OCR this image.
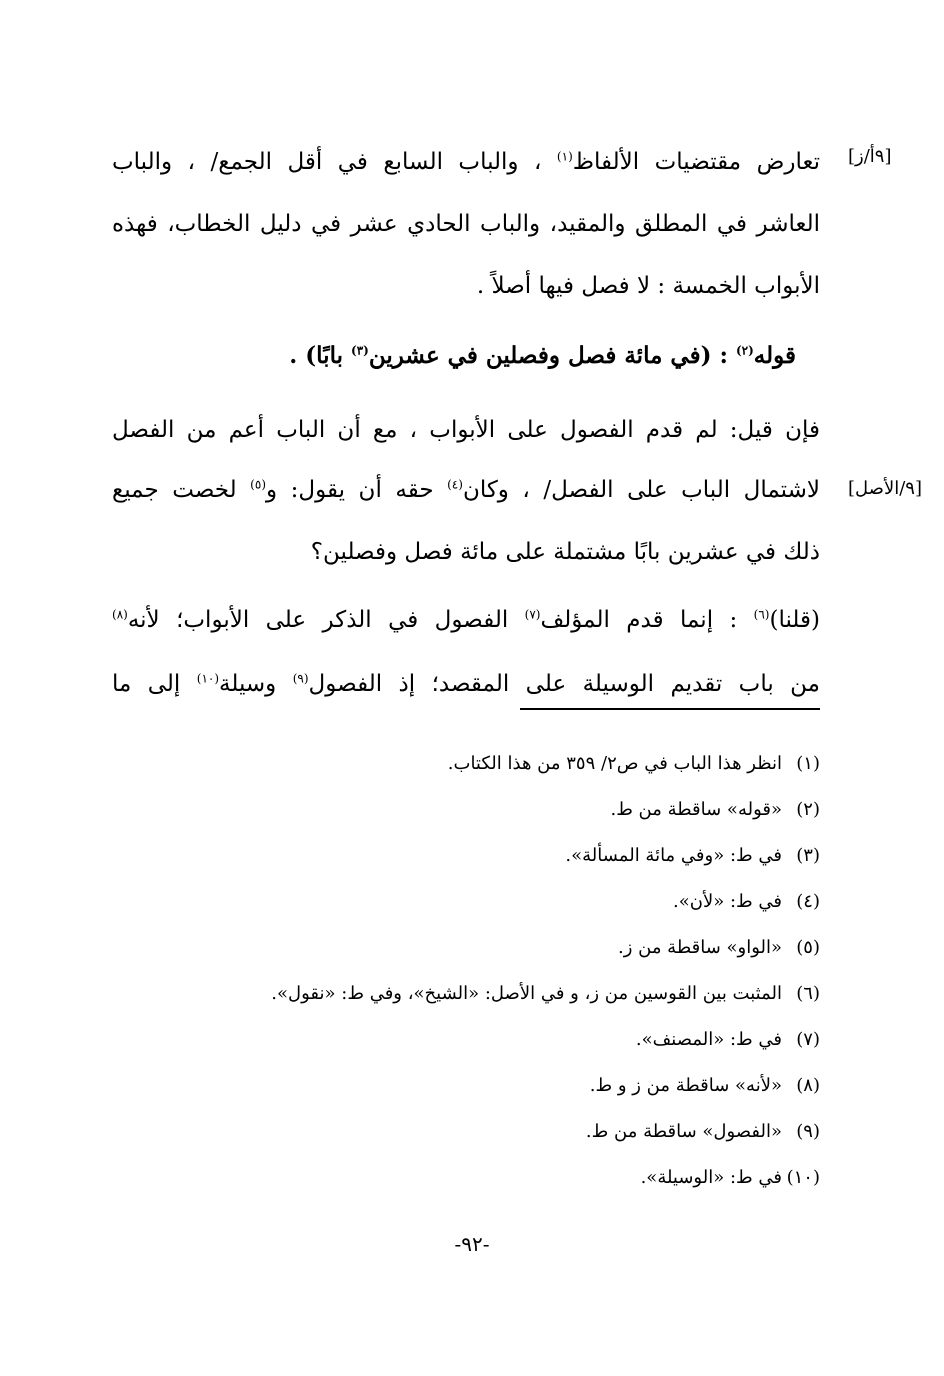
[٩أ/ز]
[٩/الأصل]
تعارض مقتضيات الألفاظ$^{(١)}$ ، والباب السابع في أقل الجمع/ ، والباب
العاشر في المطلق والمقيد، والباب الحادي عشر في دليل الخطاب، فهذه
الأبواب الخمسة : لا فصل فيها أصلاً .
قوله$^{(٢)}$ : (في مائة فصل وفصلين في عشرين$^{(٣)}$ بابًا) .
فإن قيل: لم قدم الفصول على الأبواب ، مع أن الباب أعم من الفصل
لاشتمال الباب على الفصل/ ، وكان$^{(٤)}$ حقه أن يقول: و$^{(٥)}$ لخصت جميع
ذلك في عشرين بابًا مشتملة على مائة فصل وفصلين؟
(قلنا)$^{(٦)}$ : إنما قدم المؤلف$^{(٧)}$ الفصول في الذكر على الأبواب؛ لأنه$^{(٨)}$
من باب تقديم الوسيلة على المقصد؛ إذ الفصول$^{(٩)}$ وسيلة$^{(١٠)}$ إلى ما
(١)انظر هذا الباب في ص٢/ ٣٥٩ من هذا الكتاب.
(٢)«قوله» ساقطة من ط.
(٣)في ط: «وفي مائة المسألة».
(٤)في ط: «لأن».
(٥)«الواو» ساقطة من ز.
(٦)المثبت بين القوسين من ز، و في الأصل: «الشيخ»، وفي ط: «نقول».
(٧)في ط: «المصنف».
(٨)«لأنه» ساقطة من ز و ط.
(٩)«الفصول» ساقطة من ط.
(١٠)في ط: «الوسيلة».
-٩٢-
